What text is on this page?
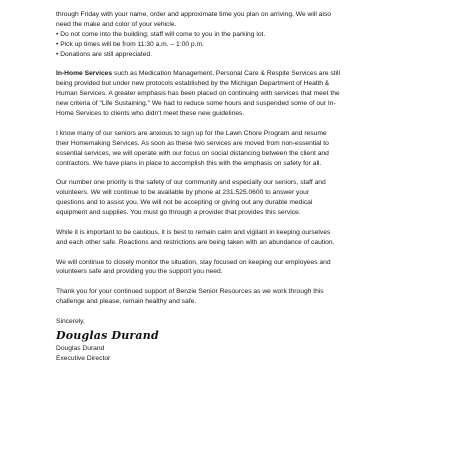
through Friday with your name, order and approximate time you plan on arriving. We will also

need the make and color of your vehicle.

• Do not come into the building; staff will come to you in the parking lot.

• Pick up times will be from 11:30 a.m. – 1:00 p.m.

• Donations are still appreciated.

In-Home Services such as Medication Management, Personal Care & Respite Services are still

being provided but under new protocols established by the Michigan Department of Health &

Human Services. A greater emphasis has been placed on continuing with services that meet the

new criteria of "Life Sustaining." We had to reduce some hours and suspended some of our In-

Home Services to clients who didn't meet these new guidelines.

I know many of our seniors are anxious to sign up for the Lawn Chore Program and resume

their Homemaking Services. As soon as these two services are moved from non-essential to

essential services, we will operate with our focus on social distancing between the client and

contractors. We have plans in place to accomplish this with the emphasis on safety for all.

Our number one priority is the safety of our community and especially our seniors, staff and

volunteers. We will continue to be available by phone at 231.525.0600 to answer your

questions and to assist you. We will not be accepting or giving out any durable medical

equipment and supplies. You must go through a provider that provides this service.

While it is important to be cautious, it is best to remain calm and vigilant in keeping ourselves

and each other safe. Reactions and restrictions are being taken with an abundance of caution.

We will continue to closely monitor the situation, stay focused on keeping our employees and

volunteers safe and providing you the support you need.

Thank you for your continued support of Benzie Senior Resources as we work through this

challenge and please, remain healthy and safe.

Sincerely,

Douglas Durand

Douglas Durand

Executive Director
